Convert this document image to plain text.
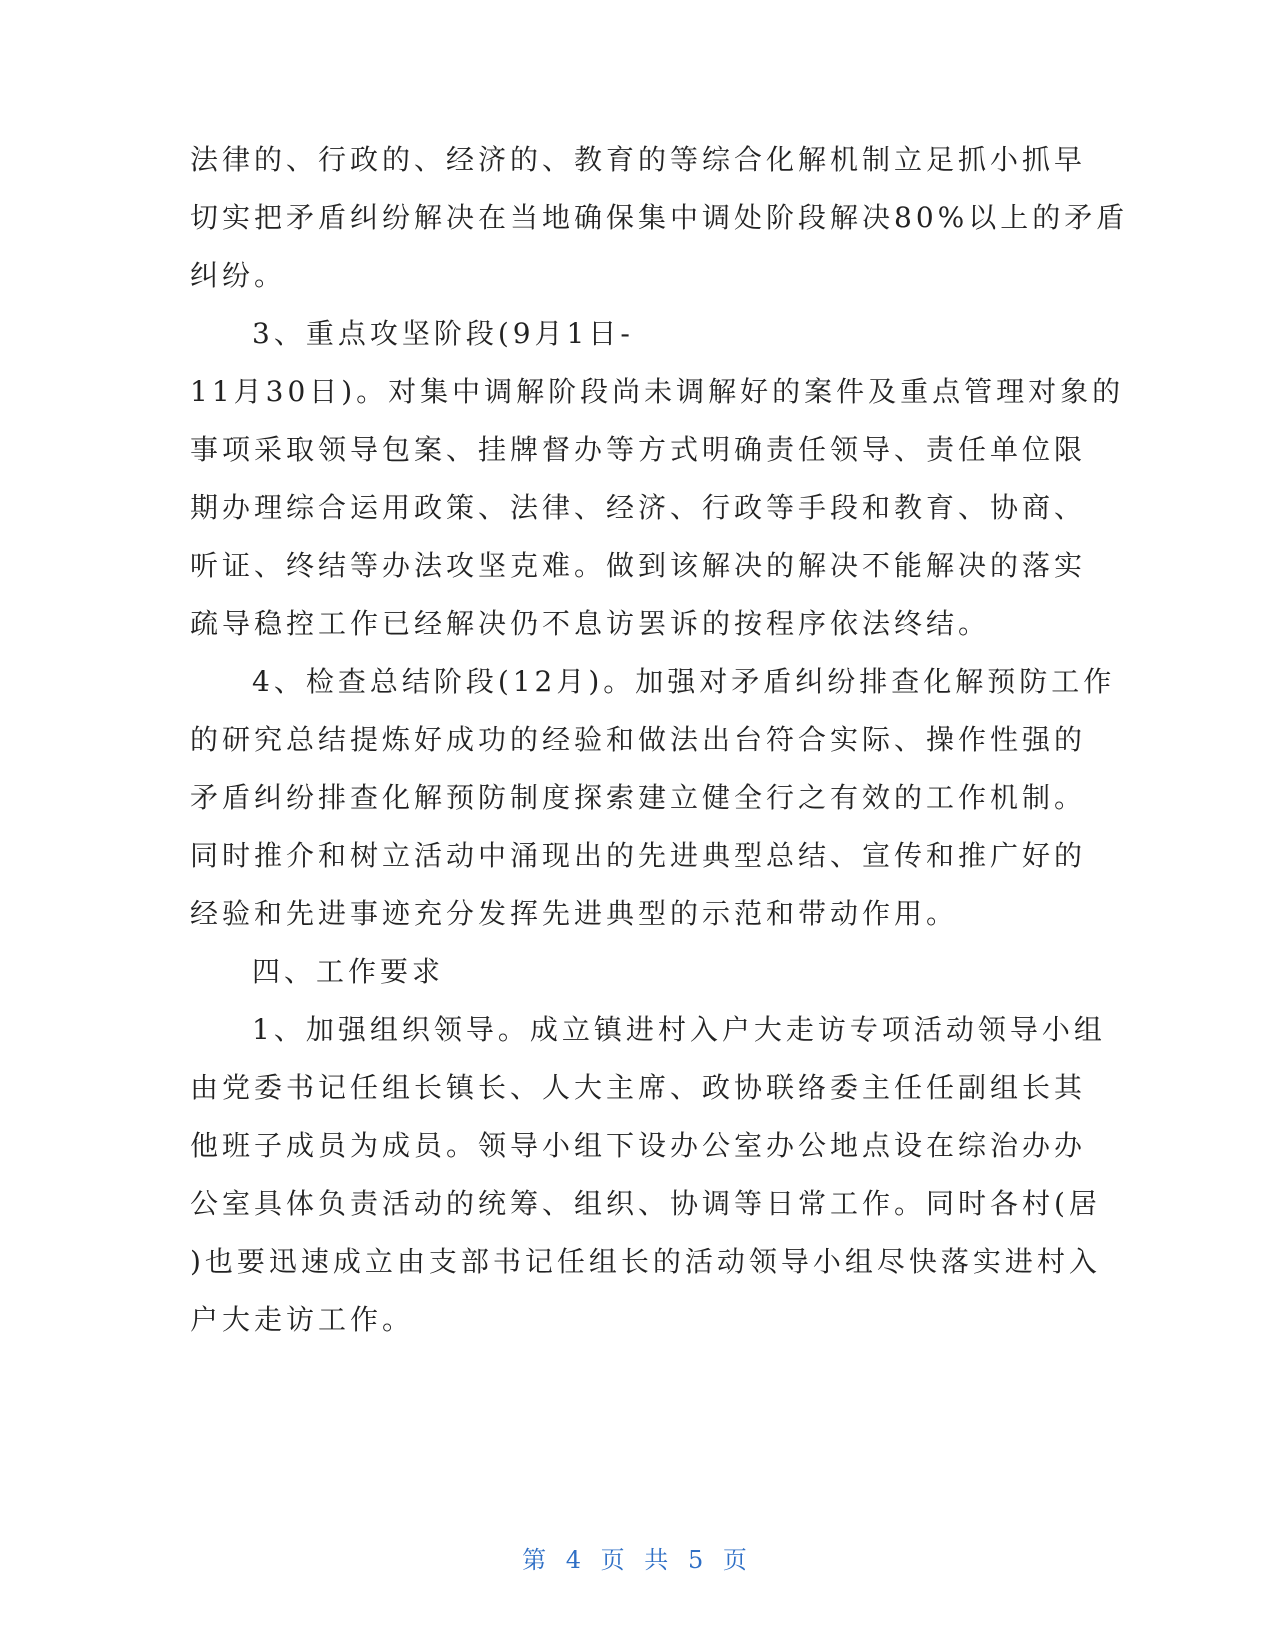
法律的、行政的、经济的、教育的等综合化解机制立足抓小抓早
切实把矛盾纠纷解决在当地确保集中调处阶段解决80%以上的矛盾
纠纷。
3、重点攻坚阶段(9月1日-
11月30日)。对集中调解阶段尚未调解好的案件及重点管理对象的
事项采取领导包案、挂牌督办等方式明确责任领导、责任单位限
期办理综合运用政策、法律、经济、行政等手段和教育、协商、
听证、终结等办法攻坚克难。做到该解决的解决不能解决的落实
疏导稳控工作已经解决仍不息访罢诉的按程序依法终结。
4、检查总结阶段(12月)。加强对矛盾纠纷排查化解预防工作
的研究总结提炼好成功的经验和做法出台符合实际、操作性强的
矛盾纠纷排查化解预防制度探索建立健全行之有效的工作机制。
同时推介和树立活动中涌现出的先进典型总结、宣传和推广好的
经验和先进事迹充分发挥先进典型的示范和带动作用。
四、工作要求
1、加强组织领导。成立镇进村入户大走访专项活动领导小组
由党委书记任组长镇长、人大主席、政协联络委主任任副组长其
他班子成员为成员。领导小组下设办公室办公地点设在综治办办
公室具体负责活动的统筹、组织、协调等日常工作。同时各村(居
)也要迅速成立由支部书记任组长的活动领导小组尽快落实进村入
户大走访工作。
第 4 页 共 5 页
